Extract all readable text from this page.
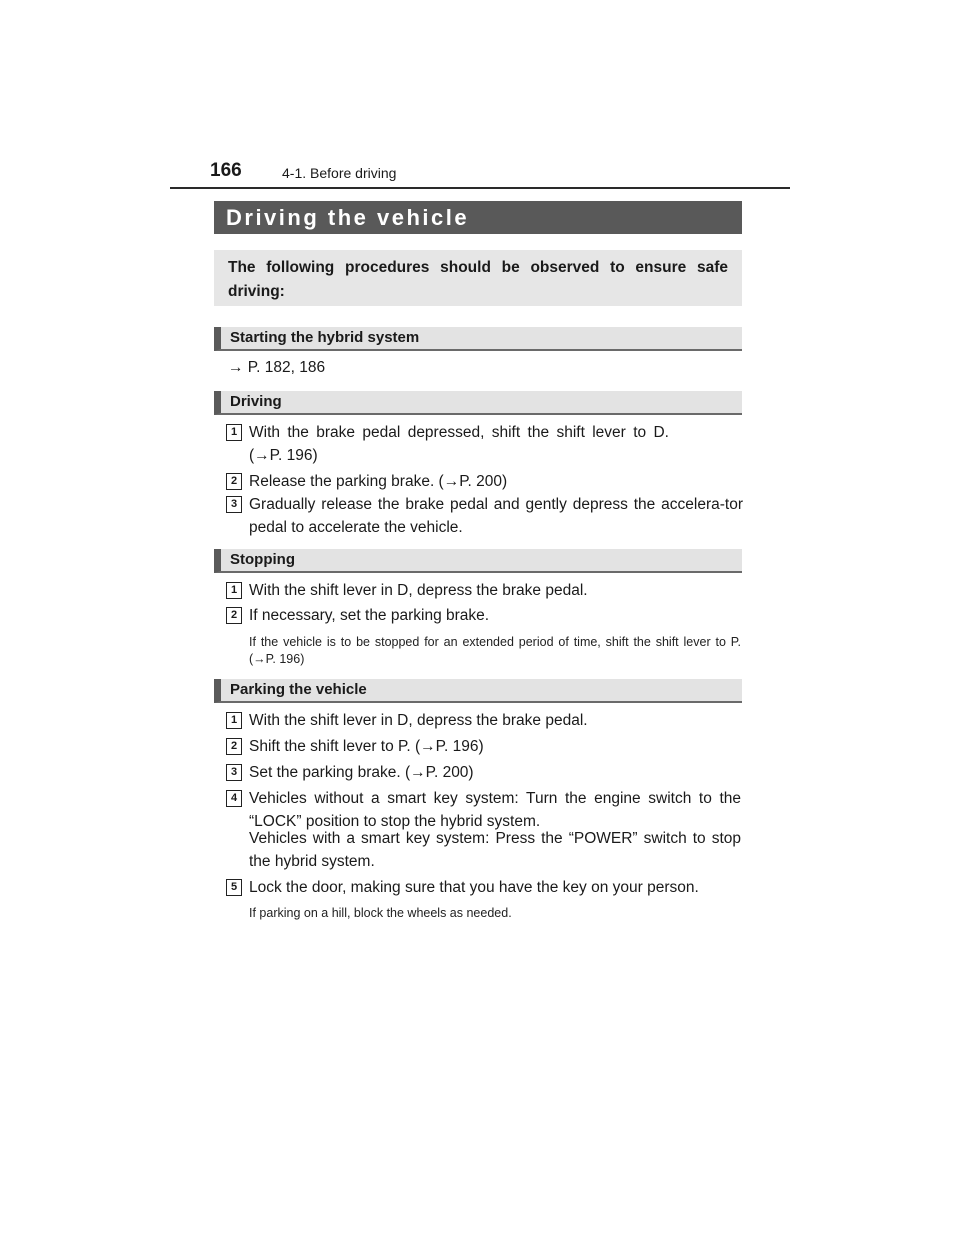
166	4-1. Before driving
Driving the vehicle
The following procedures should be observed to ensure safe driving:
Starting the hybrid system
→ P. 182, 186
Driving
1 With the brake pedal depressed, shift the shift lever to D. (→P. 196)
2 Release the parking brake. (→P. 200)
3 Gradually release the brake pedal and gently depress the accelera-tor pedal to accelerate the vehicle.
Stopping
1 With the shift lever in D, depress the brake pedal.
2 If necessary, set the parking brake.
If the vehicle is to be stopped for an extended period of time, shift the shift lever to P. (→P. 196)
Parking the vehicle
1 With the shift lever in D, depress the brake pedal.
2 Shift the shift lever to P. (→P. 196)
3 Set the parking brake. (→P. 200)
4 Vehicles without a smart key system: Turn the engine switch to the “LOCK” position to stop the hybrid system.
Vehicles with a smart key system: Press the “POWER” switch to stop the hybrid system.
5 Lock the door, making sure that you have the key on your person.
If parking on a hill, block the wheels as needed.
